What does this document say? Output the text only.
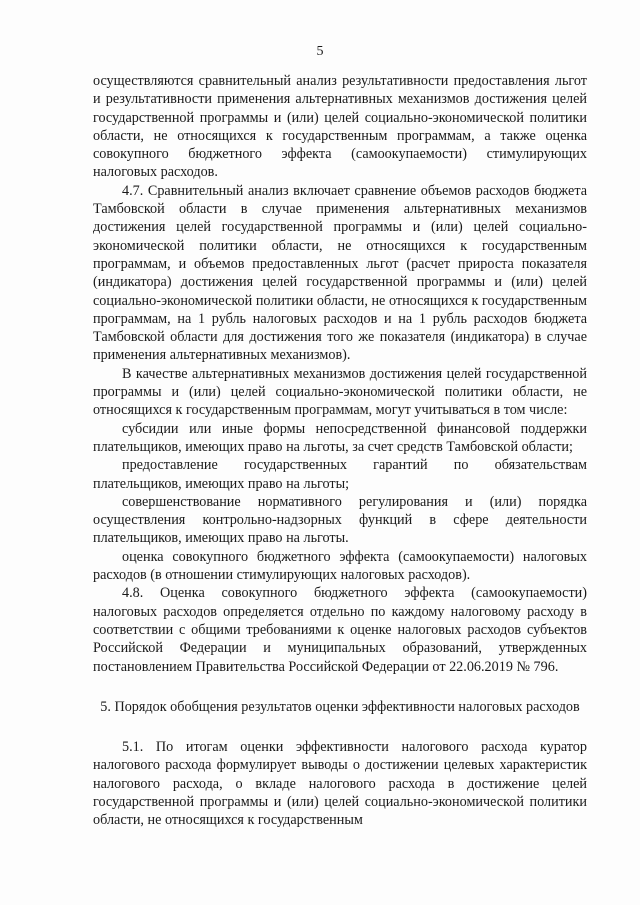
5

осуществляются сравнительный анализ результативности предоставления льгот и результативности применения альтернативных механизмов достижения целей государственной программы и (или) целей социально-экономической политики области, не относящихся к государственным программам, а также оценка совокупного бюджетного эффекта (самоокупаемости) стимулирующих налоговых расходов.

4.7. Сравнительный анализ включает сравнение объемов расходов бюджета Тамбовской области в случае применения альтернативных механизмов достижения целей государственной программы и (или) целей социально-экономической политики области, не относящихся к государственным программам, и объемов предоставленных льгот (расчет прироста показателя (индикатора) достижения целей государственной программы и (или) целей социально-экономической политики области, не относящихся к государственным программам, на 1 рубль налоговых расходов и на 1 рубль расходов бюджета Тамбовской области для достижения того же показателя (индикатора) в случае применения альтернативных механизмов).

В качестве альтернативных механизмов достижения целей государственной программы и (или) целей социально-экономической политики области, не относящихся к государственным программам, могут учитываться в том числе:

субсидии или иные формы непосредственной финансовой поддержки плательщиков, имеющих право на льготы, за счет средств Тамбовской области;

предоставление государственных гарантий по обязательствам плательщиков, имеющих право на льготы;

совершенствование нормативного регулирования и (или) порядка осуществления контрольно-надзорных функций в сфере деятельности плательщиков, имеющих право на льготы.

оценка совокупного бюджетного эффекта (самоокупаемости) налоговых расходов (в отношении стимулирующих налоговых расходов).

4.8. Оценка совокупного бюджетного эффекта (самоокупаемости) налоговых расходов определяется отдельно по каждому налоговому расходу в соответствии с общими требованиями к оценке налоговых расходов субъектов Российской Федерации и муниципальных образований, утвержденных постановлением Правительства Российской Федерации от 22.06.2019 № 796.

5. Порядок обобщения результатов оценки эффективности налоговых расходов

5.1. По итогам оценки эффективности налогового расхода куратор налогового расхода формулирует выводы о достижении целевых характеристик налогового расхода, о вкладе налогового расхода в достижение целей государственной программы и (или) целей социально-экономической политики области, не относящихся к государственным
